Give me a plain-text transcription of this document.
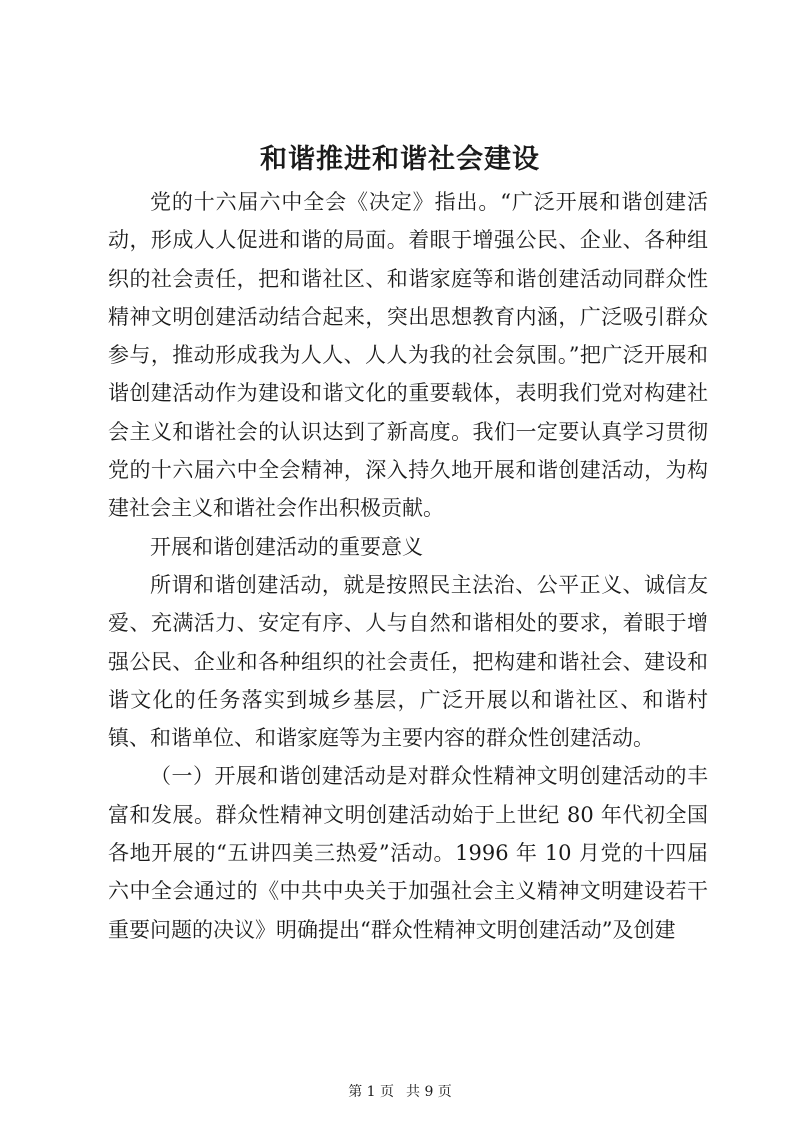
和谐推进和谐社会建设

党的十六届六中全会《决定》指出。“广泛开展和谐创建活动，形成人人促进和谐的局面。着眼于增强公民、企业、各种组织的社会责任，把和谐社区、和谐家庭等和谐创建活动同群众性精神文明创建活动结合起来，突出思想教育内涵，广泛吸引群众参与，推动形成我为人人、人人为我的社会氛围。”把广泛开展和谐创建活动作为建设和谐文化的重要载体，表明我们党对构建社会主义和谐社会的认识达到了新高度。我们一定要认真学习贯彻党的十六届六中全会精神，深入持久地开展和谐创建活动，为构建社会主义和谐社会作出积极贡献。

开展和谐创建活动的重要意义

所谓和谐创建活动，就是按照民主法治、公平正义、诚信友爱、充满活力、安定有序、人与自然和谐相处的要求，着眼于增强公民、企业和各种组织的社会责任，把构建和谐社会、建设和谐文化的任务落实到城乡基层，广泛开展以和谐社区、和谐村镇、和谐单位、和谐家庭等为主要内容的群众性创建活动。

（一）开展和谐创建活动是对群众性精神文明创建活动的丰富和发展。群众性精神文明创建活动始于上世纪 80 年代初全国各地开展的“五讲四美三热爱”活动。1996 年 10 月党的十四届六中全会通过的《中共中央关于加强社会主义精神文明建设若干重要问题的决议》明确提出“群众性精神文明创建活动”及创建

第 1 页 共 9 页
